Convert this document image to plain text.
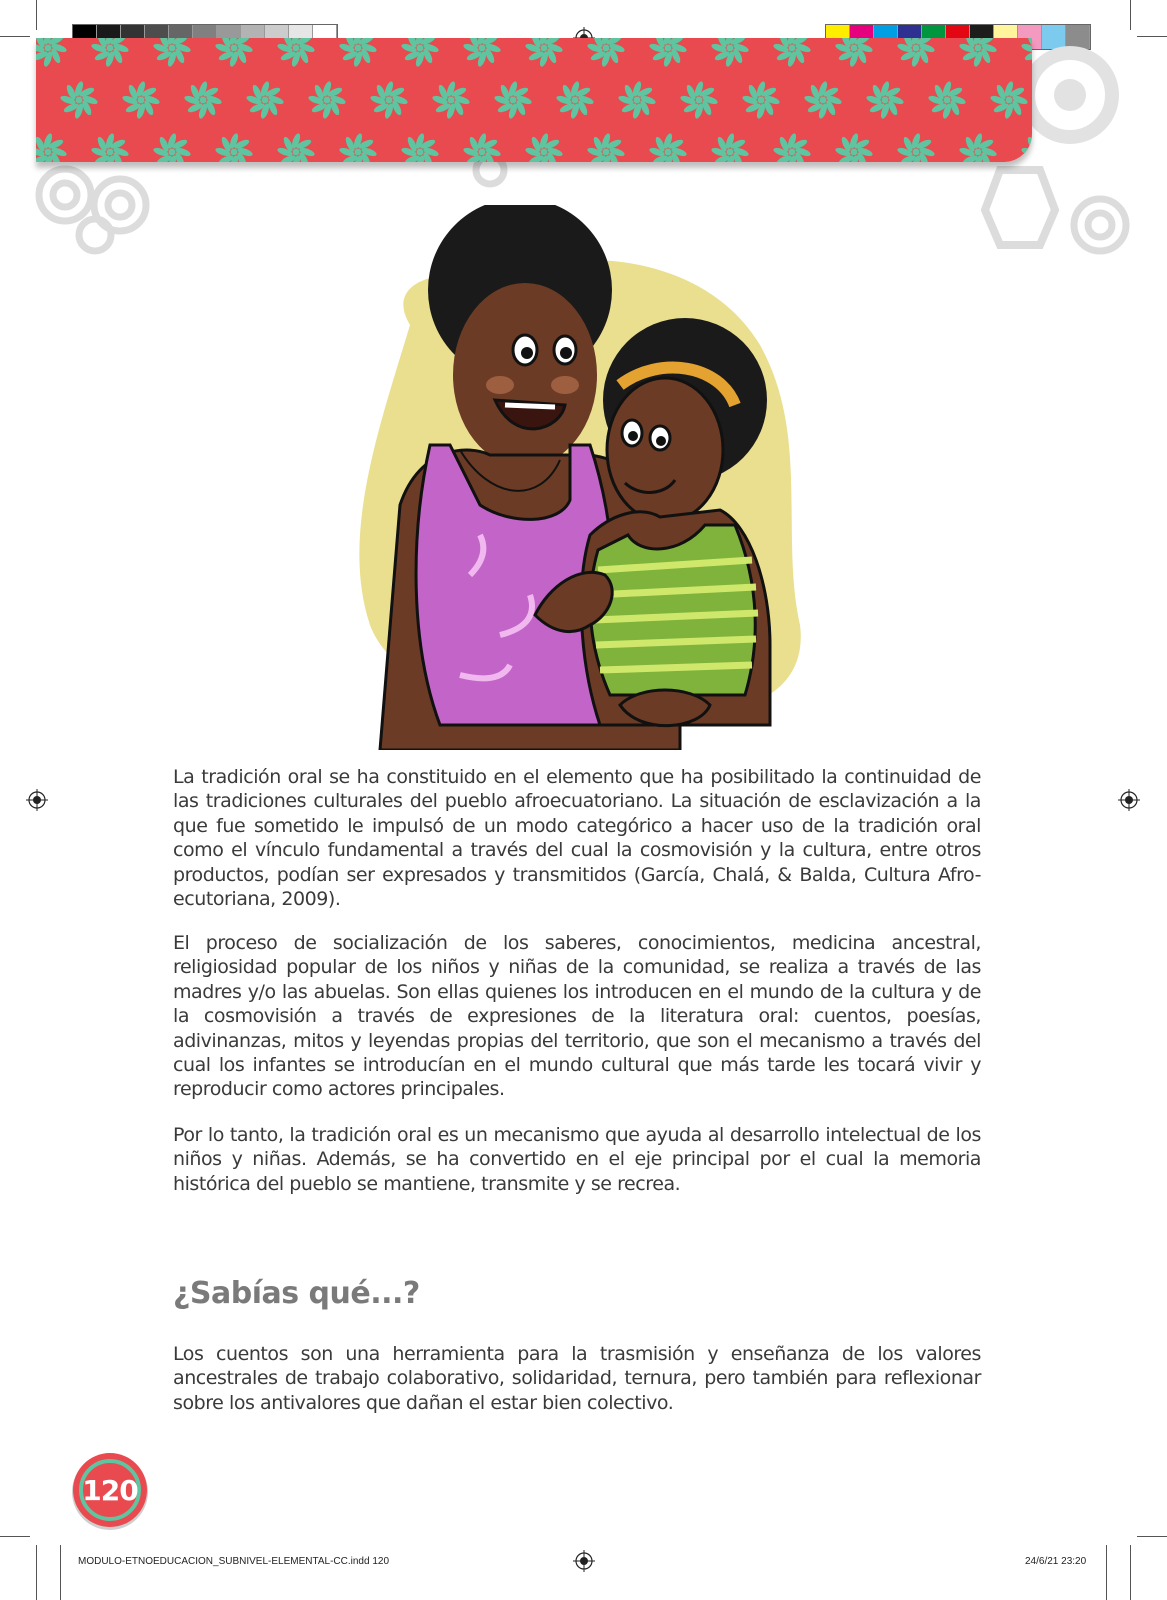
La tradición oral se ha constituido en el elemento que ha posibilitado la continuidad de las tradiciones culturales del pueblo afroecuatoriano. La situación de esclavización a la que fue sometido le impulsó de un modo categórico a hacer uso de la tradición oral como el vínculo fundamental a través del cual la cosmovisión y la cultura, entre otros productos, podían ser expresados y transmitidos (García, Chalá, & Balda, Cultura Afro-ecutoriana, 2009).

El proceso de socialización de los saberes, conocimientos, medicina ancestral, religiosidad popular de los niños y niñas de la comunidad, se realiza a través de las madres y/o las abuelas. Son ellas quienes los introducen en el mundo de la cultura y de la cosmovisión a través de expresiones de la literatura oral: cuentos, poesías, adivinanzas, mitos y leyendas propias del territorio, que son el mecanismo a través del cual los infantes se introducían en el mundo cultural que más tarde les tocará vivir y reproducir como actores principales.

Por lo tanto, la tradición oral es un mecanismo que ayuda al desarrollo intelectual de los niños y niñas. Además, se ha convertido en el eje principal por el cual la memoria histórica del pueblo se mantiene, transmite y se recrea.

¿Sabías qué...?

Los cuentos son una herramienta para la trasmisión y enseñanza de los valores ancestrales de trabajo colaborativo, solidaridad, ternura, pero también para reflexionar sobre los antivalores que dañan el estar bien colectivo.

120
MODULO-ETNOEDUCACION_SUBNIVEL-ELEMENTAL-CC.indd 120	24/6/21 23:20
